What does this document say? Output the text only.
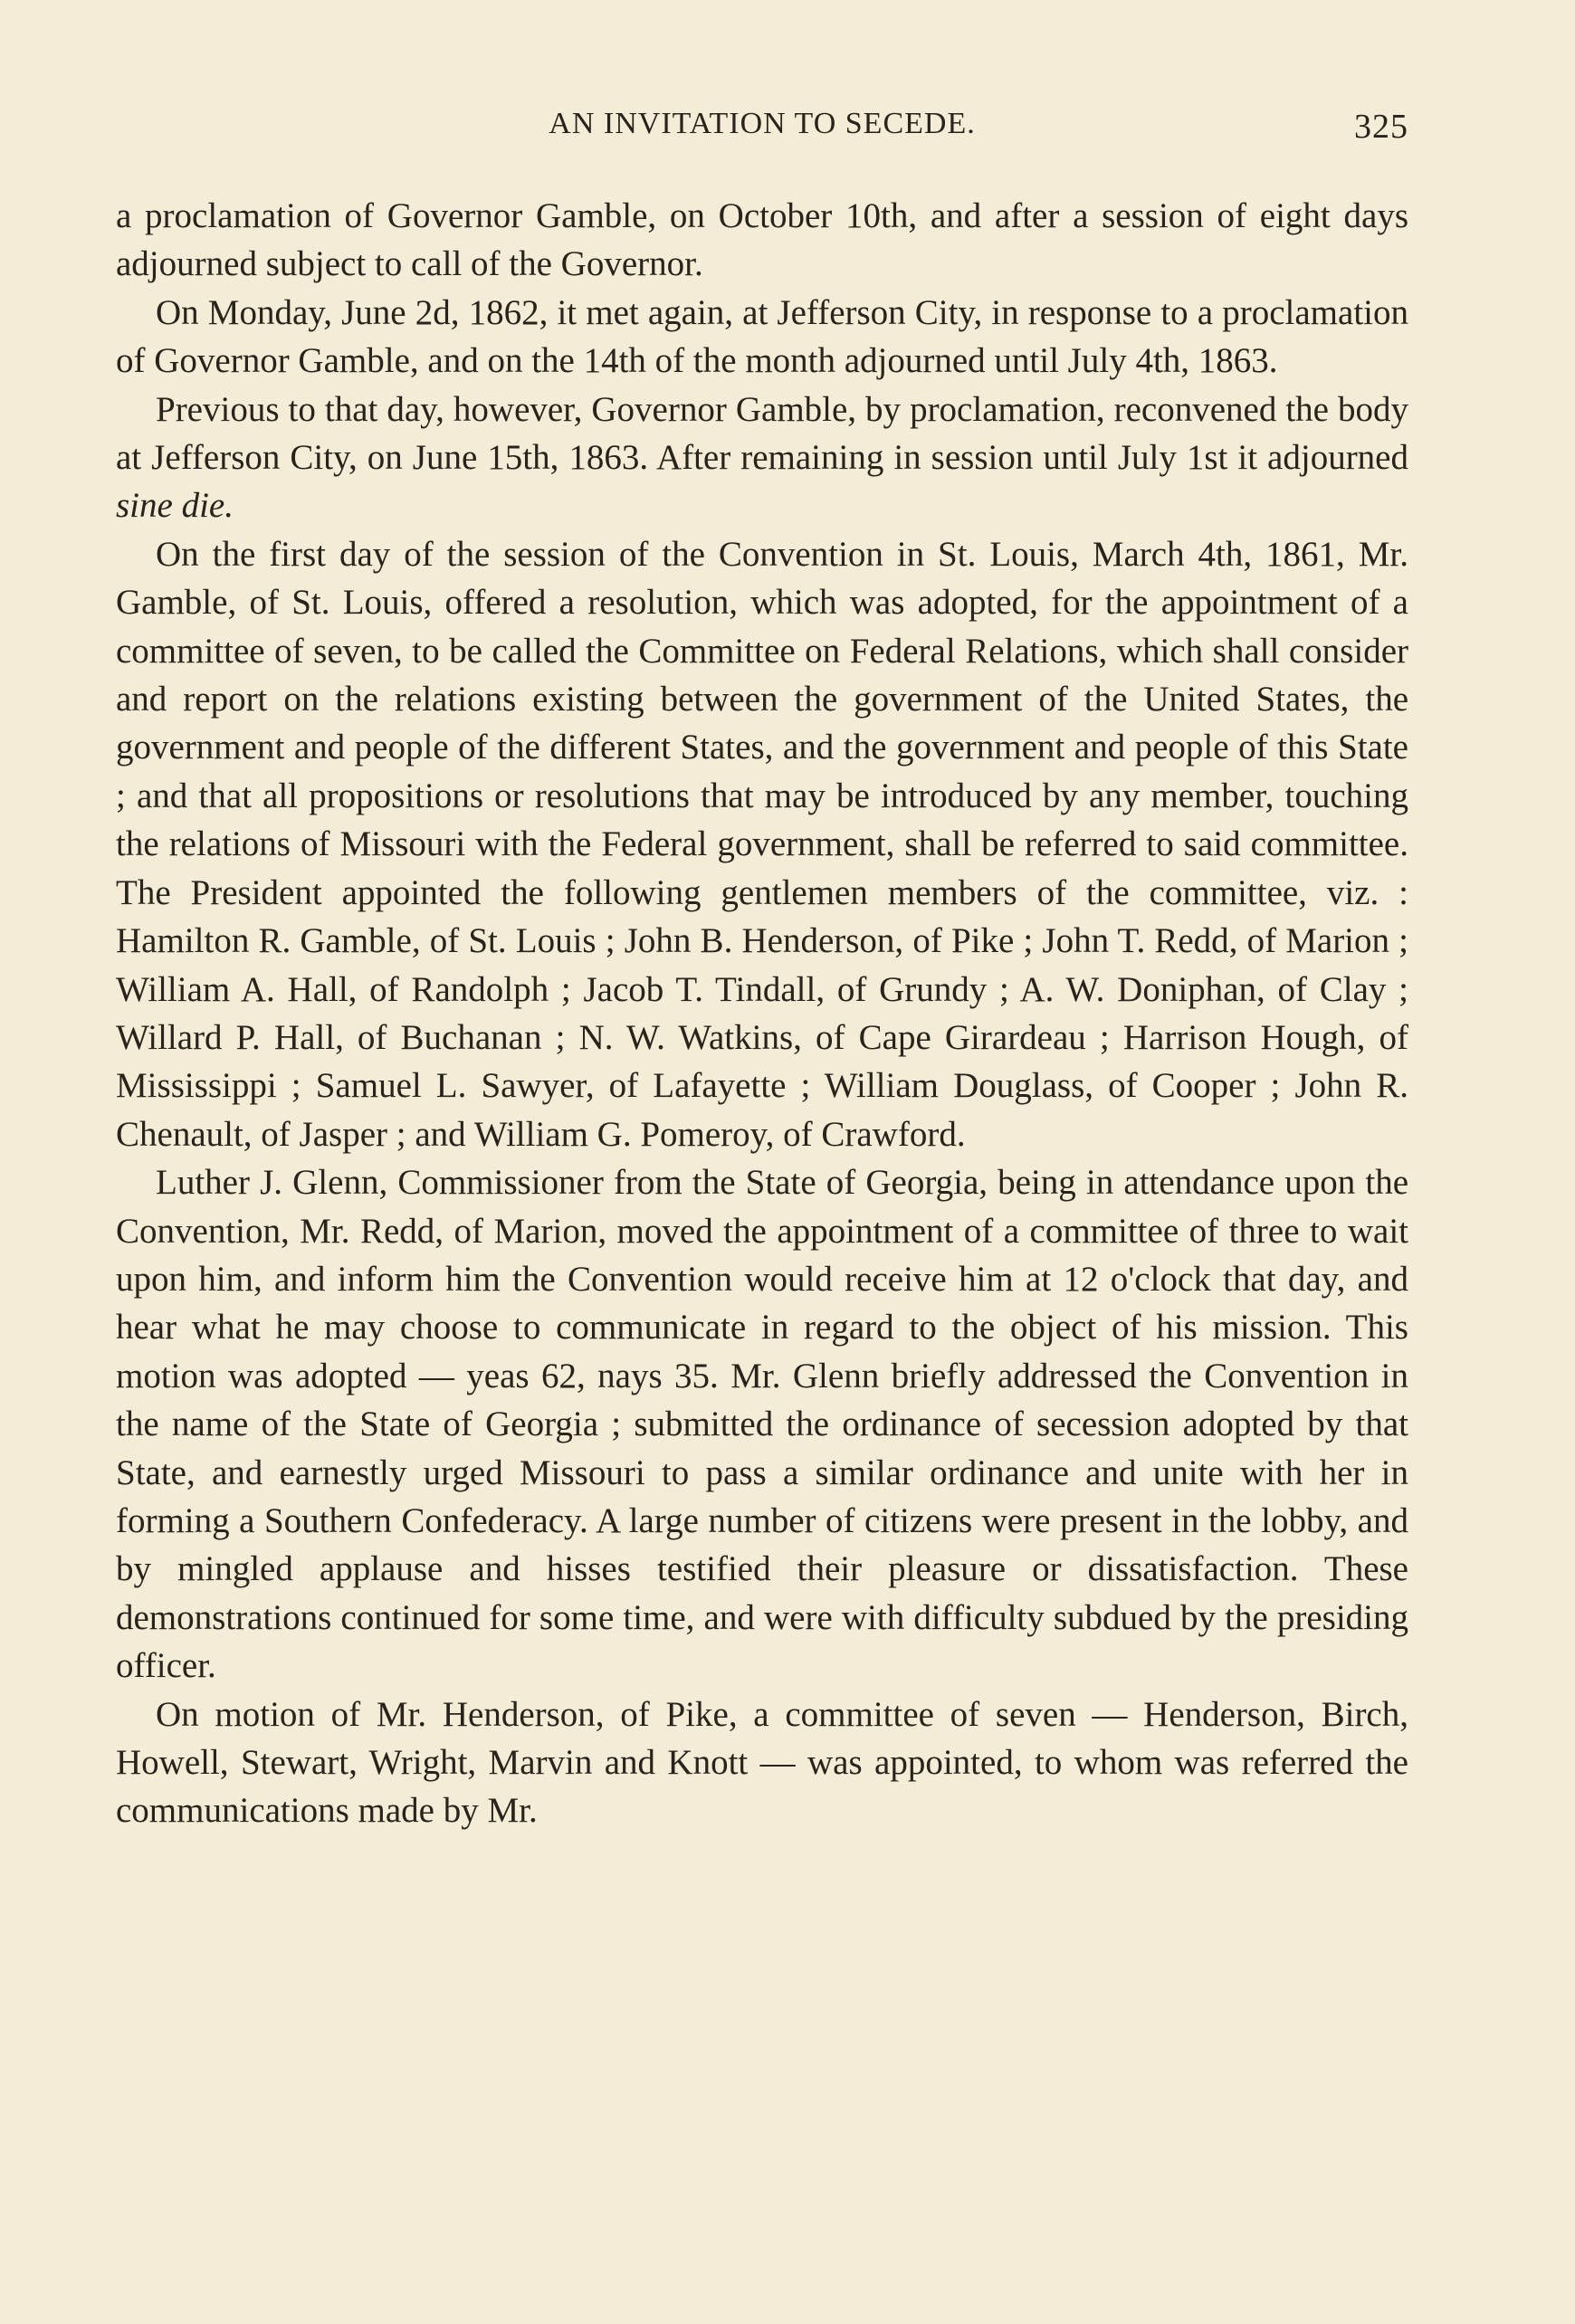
AN INVITATION TO SECEDE.	325

a proclamation of Governor Gamble, on October 10th, and after a session of eight days adjourned subject to call of the Governor.

On Monday, June 2d, 1862, it met again, at Jefferson City, in response to a proclamation of Governor Gamble, and on the 14th of the month adjourned until July 4th, 1863.

Previous to that day, however, Governor Gamble, by proclamation, reconvened the body at Jefferson City, on June 15th, 1863. After remaining in session until July 1st it adjourned sine die.

On the first day of the session of the Convention in St. Louis, March 4th, 1861, Mr. Gamble, of St. Louis, offered a resolution, which was adopted, for the appointment of a committee of seven, to be called the Committee on Federal Relations, which shall consider and report on the relations existing between the government of the United States, the government and people of the different States, and the government and people of this State ; and that all propositions or resolutions that may be introduced by any member, touching the relations of Missouri with the Federal government, shall be referred to said committee. The President appointed the following gentlemen members of the committee, viz. : Hamilton R. Gamble, of St. Louis ; John B. Henderson, of Pike ; John T. Redd, of Marion ; William A. Hall, of Randolph ; Jacob T. Tindall, of Grundy ; A. W. Doniphan, of Clay ; Willard P. Hall, of Buchanan ; N. W. Watkins, of Cape Girardeau ; Harrison Hough, of Mississippi ; Samuel L. Sawyer, of Lafayette ; William Douglass, of Cooper ; John R. Chenault, of Jasper ; and William G. Pomeroy, of Crawford.

Luther J. Glenn, Commissioner from the State of Georgia, being in attendance upon the Convention, Mr. Redd, of Marion, moved the appointment of a committee of three to wait upon him, and inform him the Convention would receive him at 12 o'clock that day, and hear what he may choose to communicate in regard to the object of his mission. This motion was adopted — yeas 62, nays 35. Mr. Glenn briefly addressed the Convention in the name of the State of Georgia ; submitted the ordinance of secession adopted by that State, and earnestly urged Missouri to pass a similar ordinance and unite with her in forming a Southern Confederacy. A large number of citizens were present in the lobby, and by mingled applause and hisses testified their pleasure or dissatisfaction. These demonstrations continued for some time, and were with difficulty subdued by the presiding officer.

On motion of Mr. Henderson, of Pike, a committee of seven — Henderson, Birch, Howell, Stewart, Wright, Marvin and Knott — was appointed, to whom was referred the communications made by Mr.
